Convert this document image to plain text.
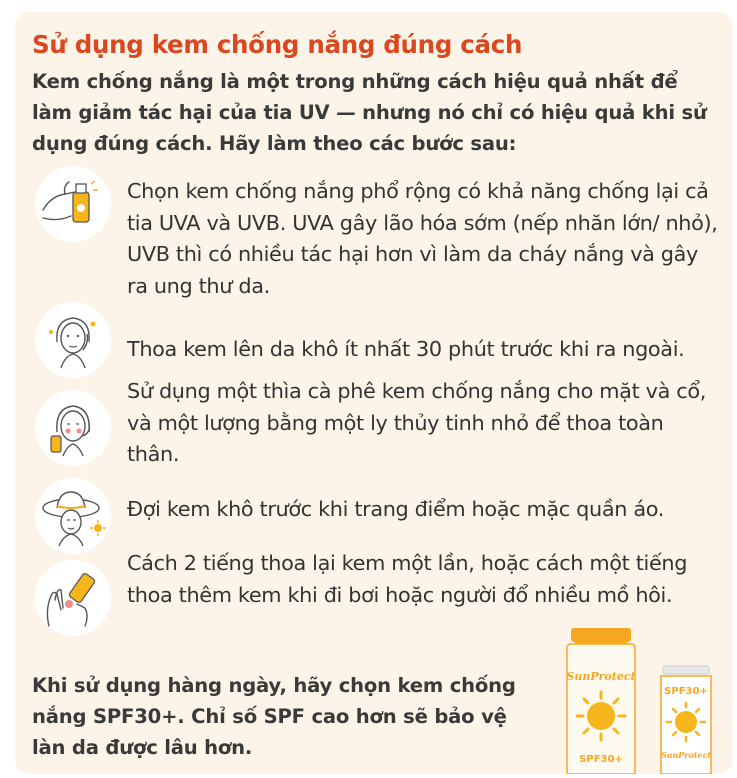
Sử dụng kem chống nắng đúng cách

Kem chống nắng là một trong những cách hiệu quả nhất để làm giảm tác hại của tia UV — nhưng nó chỉ có hiệu quả khi sử dụng đúng cách. Hãy làm theo các bước sau:

Chọn kem chống nắng phổ rộng có khả năng chống lại cả tia UVA và UVB. UVA gây lão hóa sớm (nếp nhăn lớn/ nhỏ), UVB thì có nhiều tác hại hơn vì làm da cháy nắng và gây ra ung thư da.

Thoa kem lên da khô ít nhất 30 phút trước khi ra ngoài.

Sử dụng một thìa cà phê kem chống nắng cho mặt và cổ, và một lượng bằng một ly thủy tinh nhỏ để thoa toàn thân.

Đợi kem khô trước khi trang điểm hoặc mặc quần áo.

Cách 2 tiếng thoa lại kem một lần, hoặc cách một tiếng thoa thêm kem khi đi bơi hoặc người đổ nhiều mồ hôi.

Khi sử dụng hàng ngày, hãy chọn kem chống nắng SPF30+. Chỉ số SPF cao hơn sẽ bảo vệ làn da được lâu hơn.

SunProtect
SPF30+
SPF30+
SunProtect
